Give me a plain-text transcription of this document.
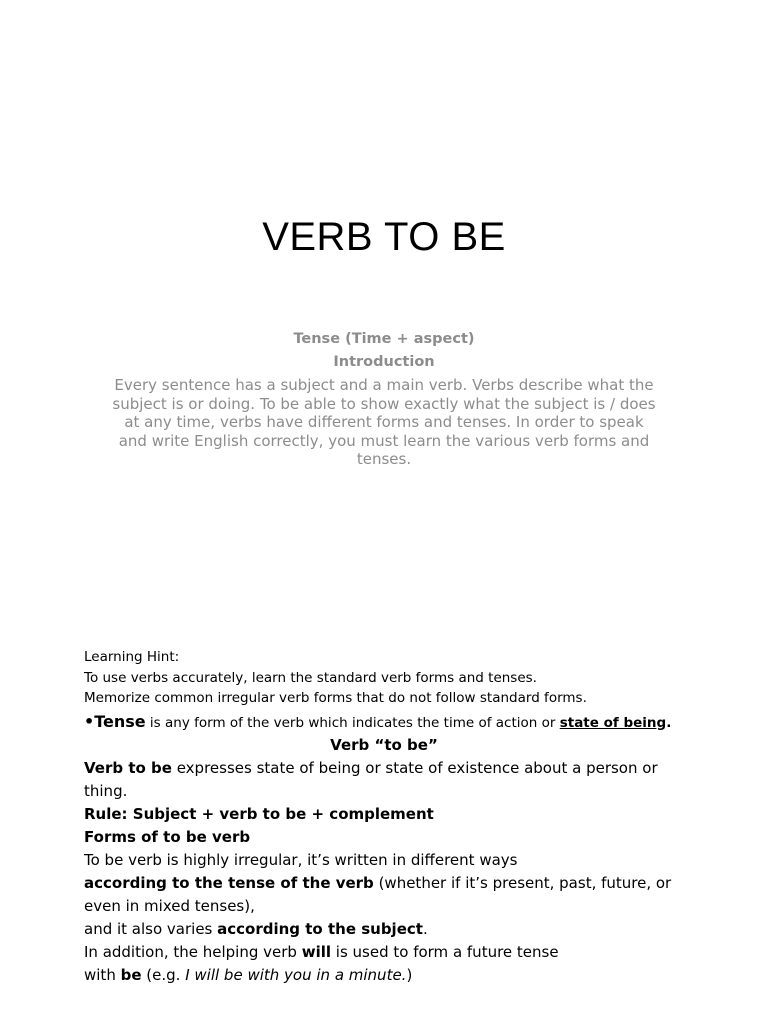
VERB TO BE
Tense (Time + aspect)
Introduction
Every sentence has a subject and a main verb. Verbs describe what the subject is or doing. To be able to show exactly what the subject is / does at any time, verbs have different forms and tenses. In order to speak and write English correctly, you must learn the various verb forms and tenses.
Learning Hint:
To use verbs accurately, learn the standard verb forms and tenses.
Memorize common irregular verb forms that do not follow standard forms.
•Tense is any form of the verb which indicates the time of action or state of being.
Verb “to be”
Verb to be expresses state of being or state of existence about a person or thing.
Rule: Subject + verb to be + complement
Forms of to be verb
To be verb is highly irregular, it’s written in different ways
according to the tense of the verb (whether if it’s present, past, future, or even in mixed tenses),
and it also varies according to the subject.
In addition, the helping verb will is used to form a future tense
with be (e.g. I will be with you in a minute.)
